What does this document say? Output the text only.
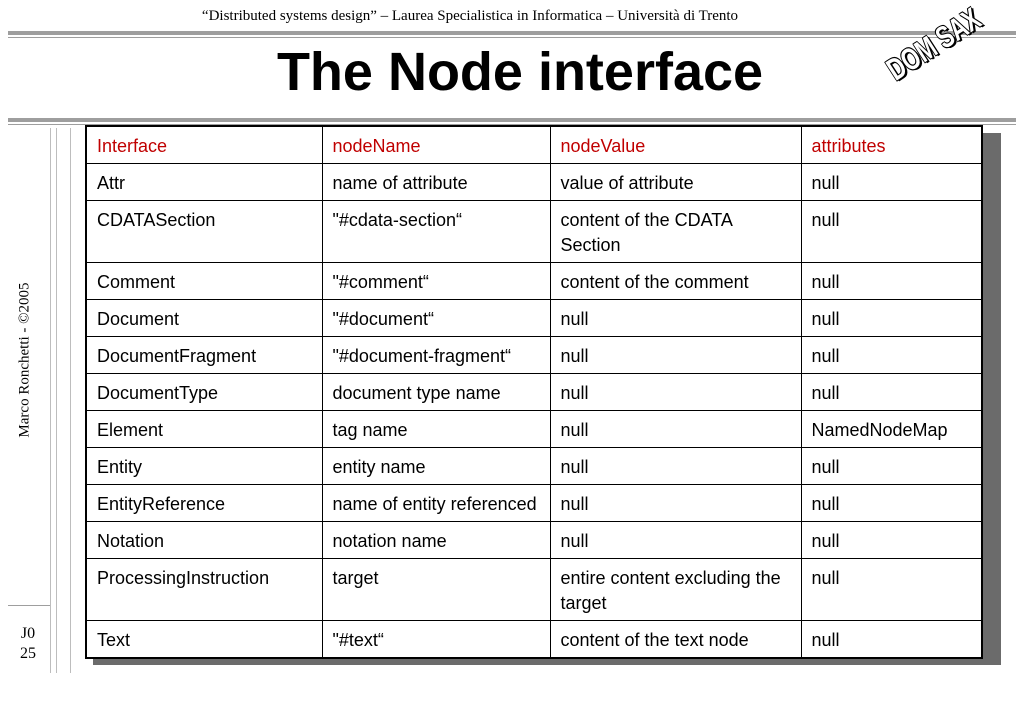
“Distributed systems design” – Laurea Specialistica in Informatica – Università di Trento
The Node interface	DOM SAX
Marco Ronchetti - ©2005
J0
25
Interface	nodeName	nodeValue	attributes
Attr	name of attribute	value of attribute	null
CDATASection	"#cdata-section“	content of the CDATA Section	null
Comment	"#comment“	content of the comment	null
Document	"#document“	null	null
DocumentFragment	"#document-fragment“	null	null
DocumentType	document type name	null	null
Element	tag name	null	NamedNodeMap
Entity	entity name	null	null
EntityReference	name of entity referenced	null	null
Notation	notation name	null	null
ProcessingInstruction	target	entire content excluding the target	null
Text	"#text“	content of the text node	null
